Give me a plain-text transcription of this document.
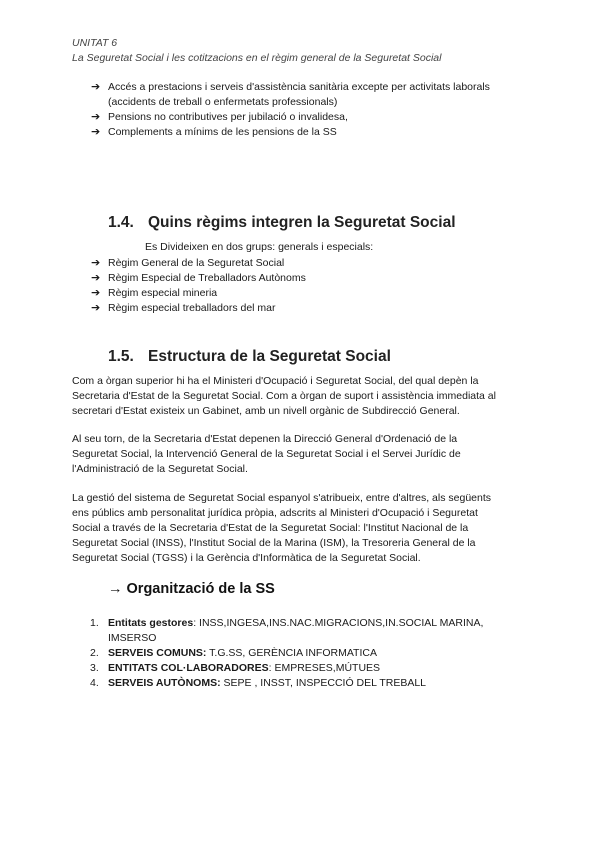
UNITAT 6
La Seguretat Social i les cotitzacions en el règim general de la Seguretat Social
➔ Accés a prestacions i serveis d'assistència sanitària excepte per activitats laborals
(accidents de treball o enfermetats professionals)
➔ Pensions no contributives per jubilació o invalidesa,
➔ Complements a mínims de les pensions de la SS
1.4. Quins règims integren la Seguretat Social
Es Divideixen en dos grups: generals i especials:
➔ Règim General de la Seguretat Social
➔ Règim Especial de Treballadors Autònoms
➔ Règim especial mineria
➔ Règim especial treballadors del mar
1.5. Estructura de la Seguretat Social
Com a òrgan superior hi ha el Ministeri d'Ocupació i Seguretat Social, del qual depèn la
Secretaria d'Estat de la Seguretat Social. Com a òrgan de suport i assistència immediata al
secretari d'Estat existeix un Gabinet, amb un nivell orgànic de Subdirecció General.
Al seu torn, de la Secretaria d'Estat depenen la Direcció General d'Ordenació de la
Seguretat Social, la Intervenció General de la Seguretat Social i el Servei Jurídic de
l'Administració de la Seguretat Social.
La gestió del sistema de Seguretat Social espanyol s'atribueix, entre d'altres, als següents
ens públics amb personalitat jurídica pròpia, adscrits al Ministeri d'Ocupació i Seguretat
Social a través de la Secretaria d'Estat de la Seguretat Social: l'Institut Nacional de la
Seguretat Social (INSS), l'Institut Social de la Marina (ISM), la Tresoreria General de la
Seguretat Social (TGSS) i la Gerència d'Informàtica de la Seguretat Social.
→ Organització de la SS
1. Entitats gestores: INSS,INGESA,INS.NAC.MIGRACIONS,IN.SOCIAL MARINA,
IMSERSO
2. SERVEIS COMUNS: T.G.SS, GERÈNCIA INFORMATICA
3. ENTITATS COL·LABORADORES: EMPRESES,MÚTUES
4. SERVEIS AUTÒNOMS: SEPE , INSST, INSPECCIÓ DEL TREBALL
